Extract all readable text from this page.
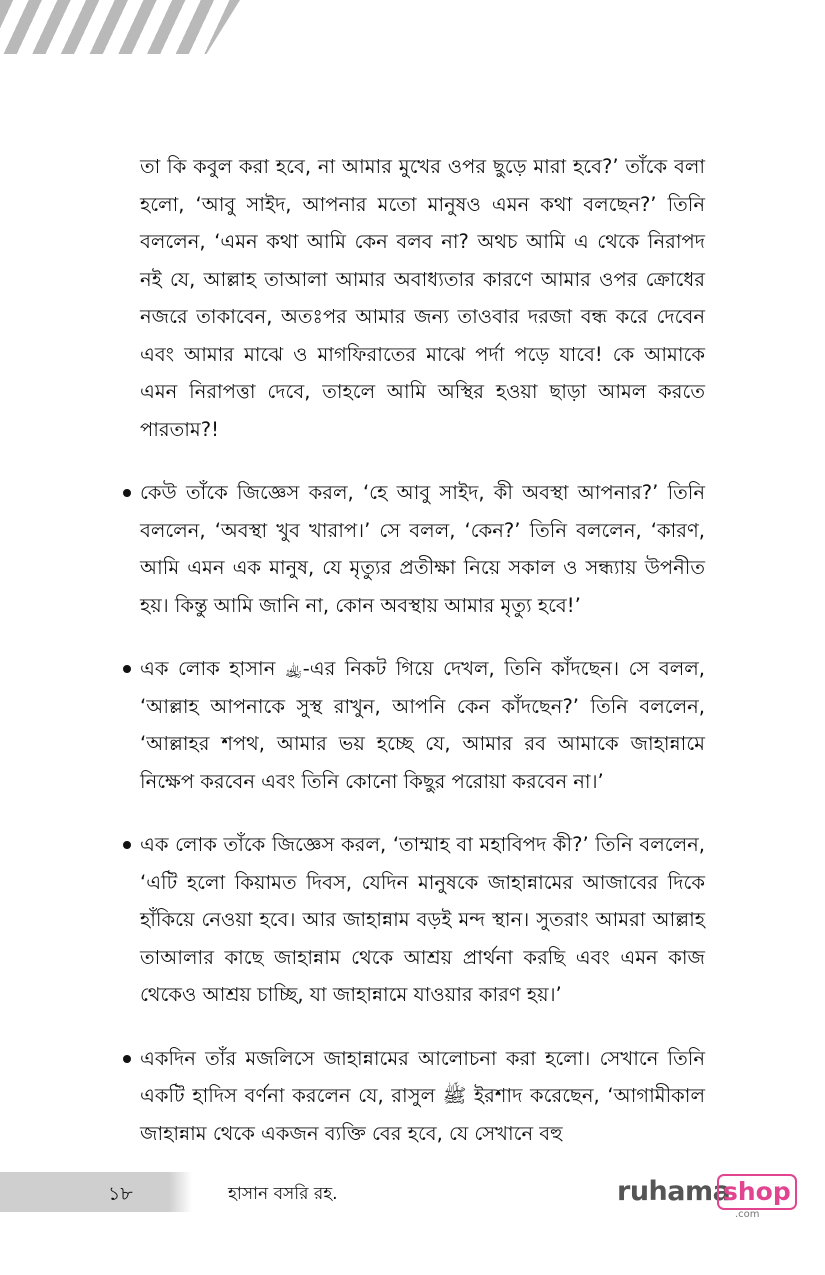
তা কি কবুল করা হবে, না আমার মুখের ওপর ছুড়ে মারা হবে?’ তাঁকে বলা হলো, ‘আবু সাইদ, আপনার মতো মানুষও এমন কথা বলছেন?’ তিনি বললেন, ‘এমন কথা আমি কেন বলব না? অথচ আমি এ থেকে নিরাপদ নই যে, আল্লাহ তাআলা আমার অবাধ্যতার কারণে আমার ওপর ক্রোধের নজরে তাকাবেন, অতঃপর আমার জন্য তাওবার দরজা বন্ধ করে দেবেন এবং আমার মাঝে ও মাগফিরাতের মাঝে পর্দা পড়ে যাবে! কে আমাকে এমন নিরাপত্তা দেবে, তাহলে আমি অস্থির হওয়া ছাড়া আমল করতে পারতাম?!

কেউ তাঁকে জিজ্ঞেস করল, ‘হে আবু সাইদ, কী অবস্থা আপনার?’ তিনি বললেন, ‘অবস্থা খুব খারাপ।’ সে বলল, ‘কেন?’ তিনি বললেন, ‘কারণ, আমি এমন এক মানুষ, যে মৃত্যুর প্রতীক্ষা নিয়ে সকাল ও সন্ধ্যায় উপনীত হয়। কিন্তু আমি জানি না, কোন অবস্থায় আমার মৃত্যু হবে!’

এক লোক হাসান ﵀-এর নিকট গিয়ে দেখল, তিনি কাঁদছেন। সে বলল, ‘আল্লাহ আপনাকে সুস্থ রাখুন, আপনি কেন কাঁদছেন?’ তিনি বললেন, ‘আল্লাহর শপথ, আমার ভয় হচ্ছে যে, আমার রব আমাকে জাহান্নামে নিক্ষেপ করবেন এবং তিনি কোনো কিছুর পরোয়া করবেন না।’

এক লোক তাঁকে জিজ্ঞেস করল, ‘তাম্মাহ বা মহাবিপদ কী?’ তিনি বললেন, ‘এটি হলো কিয়ামত দিবস, যেদিন মানুষকে জাহান্নামের আজাবের দিকে হাঁকিয়ে নেওয়া হবে। আর জাহান্নাম বড়ই মন্দ স্থান। সুতরাং আমরা আল্লাহ তাআলার কাছে জাহান্নাম থেকে আশ্রয় প্রার্থনা করছি এবং এমন কাজ থেকেও আশ্রয় চাচ্ছি, যা জাহান্নামে যাওয়ার কারণ হয়।’

একদিন তাঁর মজলিসে জাহান্নামের আলোচনা করা হলো। সেখানে তিনি একটি হাদিস বর্ণনা করলেন যে, রাসুল ﷺ ইরশাদ করেছেন, ‘আগামীকাল জাহান্নাম থেকে একজন ব্যক্তি বের হবে, যে সেখানে বহু

১৮	হাসান বসরি রহ.	ruhama
shop
.com
